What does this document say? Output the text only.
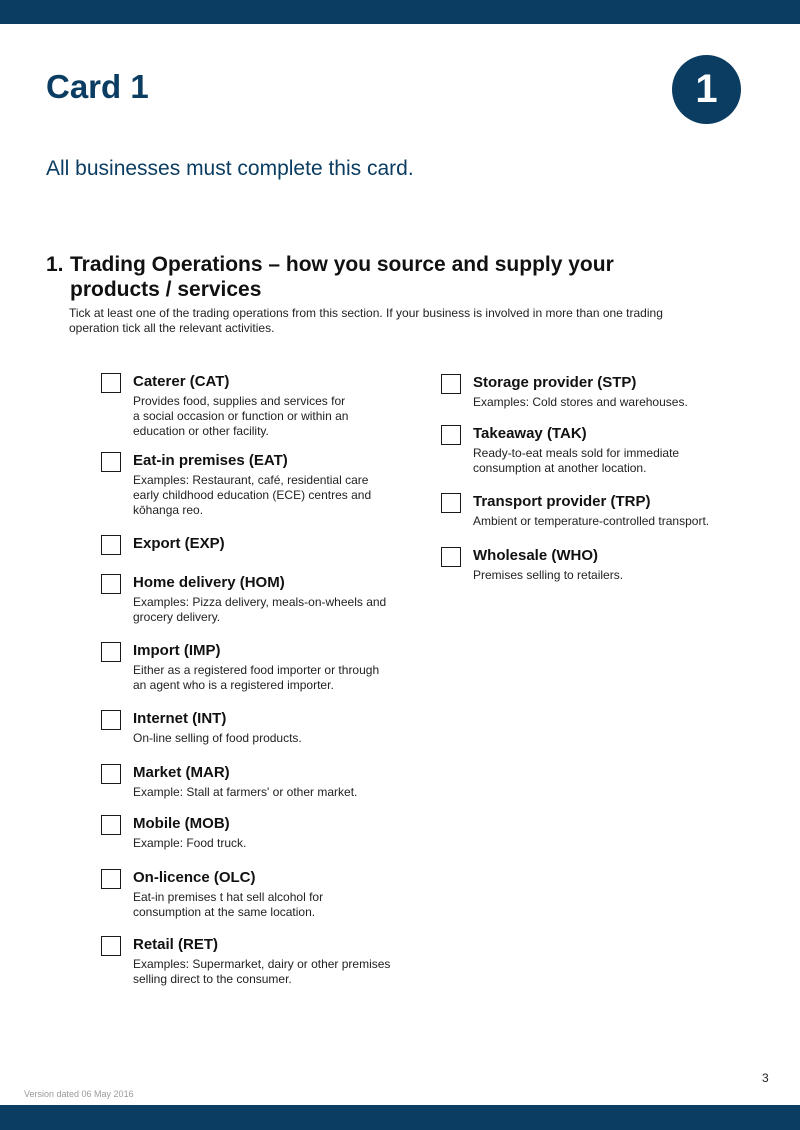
Card 1	1

All businesses must complete this card.

1. Trading Operations – how you source and supply your
products / services

Tick at least one of the trading operations from this section. If your business is involved in more than one trading
operation tick all the relevant activities.

Caterer (CAT)
Provides food, supplies and services for
a social occasion or function or within an
education or other facility.
Eat-in premises (EAT)
Examples: Restaurant, café, residential care
early childhood education (ECE) centres and
kōhanga reo.
Export (EXP)
Home delivery (HOM)
Examples: Pizza delivery, meals-on-wheels and
grocery delivery.
Import (IMP)
Either as a registered food importer or through
an agent who is a registered importer.
Internet (INT)
On-line selling of food products.
Market (MAR)
Example: Stall at farmers' or other market.
Mobile (MOB)
Example: Food truck.
On-licence (OLC)
Eat-in premises t hat sell alcohol for
consumption at the same location.
Retail (RET)
Examples: Supermarket, dairy or other premises
selling direct to the consumer.
Storage provider (STP)
Examples: Cold stores and warehouses.
Takeaway (TAK)
Ready-to-eat meals sold for immediate
consumption at another location.
Transport provider (TRP)
Ambient or temperature-controlled transport.
Wholesale (WHO)
Premises selling to retailers.
3
Version dated 06 May 2016
